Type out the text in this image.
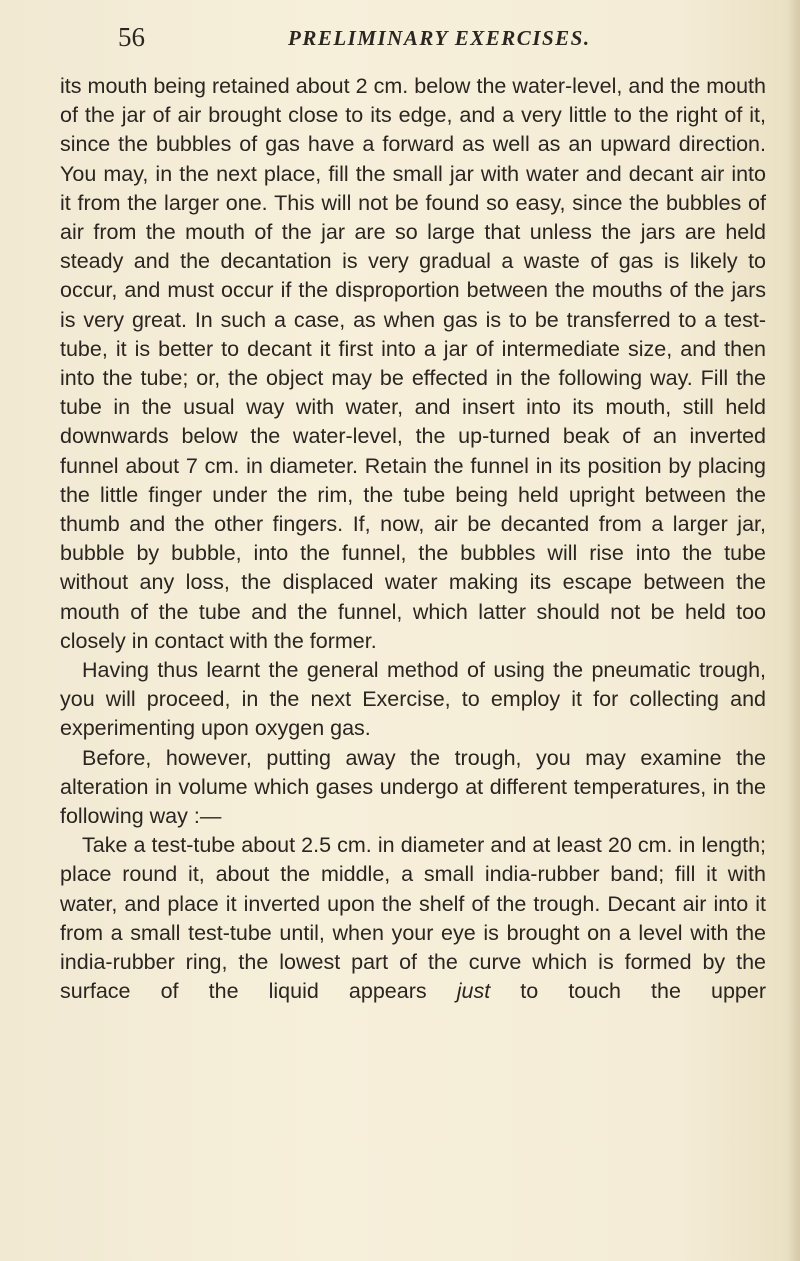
56	PRELIMINARY EXERCISES.

its mouth being retained about 2 cm. below the water-level, and the mouth of the jar of air brought close to its edge, and a very little to the right of it, since the bubbles of gas have a forward as well as an upward direction. You may, in the next place, fill the small jar with water and decant air into it from the larger one. This will not be found so easy, since the bubbles of air from the mouth of the jar are so large that unless the jars are held steady and the decantation is very gradual a waste of gas is likely to occur, and must occur if the disproportion between the mouths of the jars is very great. In such a case, as when gas is to be transferred to a test-tube, it is better to decant it first into a jar of intermediate size, and then into the tube; or, the object may be effected in the following way. Fill the tube in the usual way with water, and insert into its mouth, still held downwards below the water-level, the up-turned beak of an inverted funnel about 7 cm. in diameter. Retain the funnel in its position by placing the little finger under the rim, the tube being held upright between the thumb and the other fingers. If, now, air be decanted from a larger jar, bubble by bubble, into the funnel, the bubbles will rise into the tube without any loss, the displaced water making its escape between the mouth of the tube and the funnel, which latter should not be held too closely in contact with the former.

Having thus learnt the general method of using the pneumatic trough, you will proceed, in the next Exercise, to employ it for collecting and experimenting upon oxygen gas.

Before, however, putting away the trough, you may examine the alteration in volume which gases undergo at different temperatures, in the following way :—

Take a test-tube about 2.5 cm. in diameter and at least 20 cm. in length; place round it, about the middle, a small india-rubber band; fill it with water, and place it inverted upon the shelf of the trough. Decant air into it from a small test-tube until, when your eye is brought on a level with the india-rubber ring, the lowest part of the curve which is formed by the surface of the liquid appears just to touch the upper
